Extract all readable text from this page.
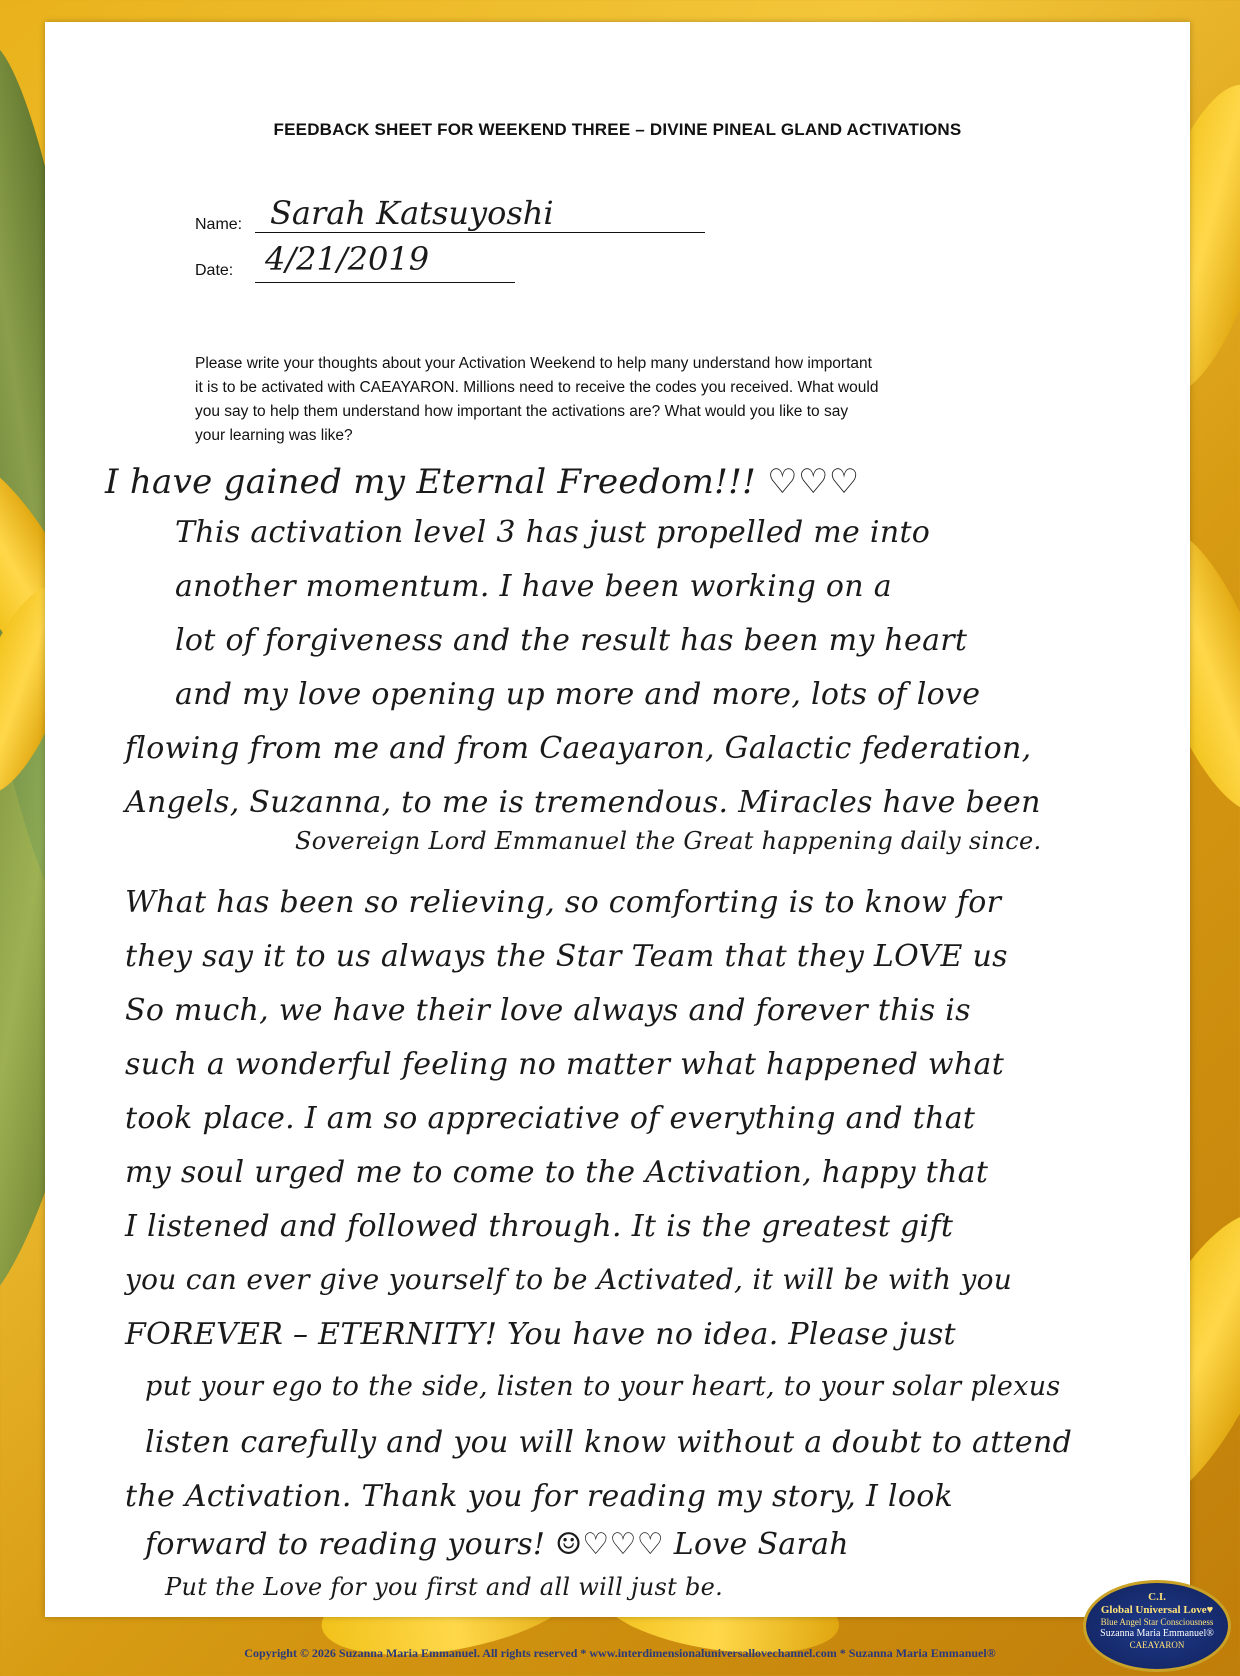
FEEDBACK SHEET FOR WEEKEND THREE – DIVINE PINEAL GLAND ACTIVATIONS
Name: Sarah Katsuyoshi
Date: 4/21/2019

Please write your thoughts about your Activation Weekend to help many understand how important

it is to be activated with CAEAYARON. Millions need to receive the codes you received. What would

you say to help them understand how important the activations are? What would you like to say

your learning was like?

I have gained my Eternal Freedom!!! ♡♡♡
This activation level 3 has just propelled me into
another momentum. I have been working on a
lot of forgiveness and the result has been my heart
and my love opening up more and more, lots of love
flowing from me and from Caeayaron, Galactic federation,
Angels, Suzanna, to me is tremendous. Miracles have been
Sovereign Lord Emmanuel the Great happening daily since.
What has been so relieving, so comforting is to know for
they say it to us always the Star Team that they LOVE us
So much, we have their love always and forever this is
such a wonderful feeling no matter what happened what
took place. I am so appreciative of everything and that
my soul urged me to come to the Activation, happy that
I listened and followed through. It is the greatest gift
you can ever give yourself to be Activated, it will be with you
FOREVER – ETERNITY! You have no idea. Please just
put your ego to the side, listen to your heart, to your solar plexus
listen carefully and you will know without a doubt to attend
the Activation. Thank you for reading my story, I look
forward to reading yours! ☺♡♡♡ Love Sarah
Put the Love for you first and all will just be.
Copyright © 2026 Suzanna Maria Emmanuel. All rights reserved * www.interdimensionaluniversallovechannel.com * Suzanna Maria Emmanuel®
C.I.
Global Universal Love♥
Blue Angel Star Consciousness
Suzanna Maria Emmanuel®
CAEAYARON
